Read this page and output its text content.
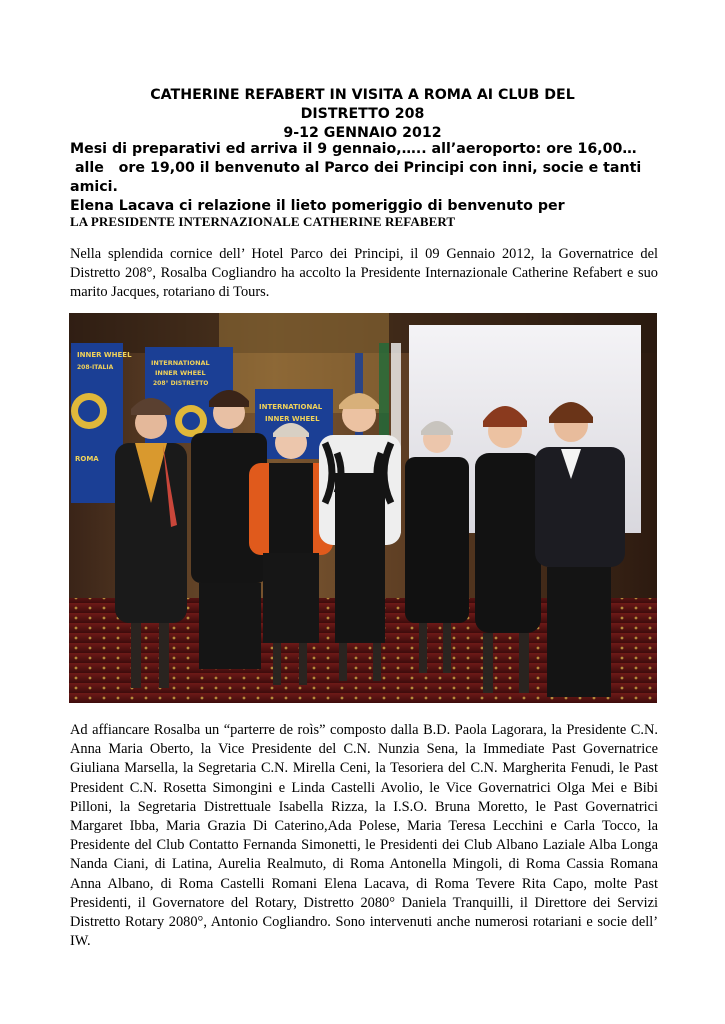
CATHERINE REFABERT IN VISITA A ROMA AI CLUB DEL
DISTRETTO 208
9-12 GENNAIO 2012
Mesi di preparativi ed arriva il 9 gennaio,….. all’aeroporto: ore 16,00…
alle   ore 19,00 il benvenuto al Parco dei Principi con inni, socie e tanti
amici.
Elena Lacava ci relazione il lieto pomeriggio di benvenuto per
LA PRESIDENTE INTERNAZIONALE CATHERINE REFABERT

Nella splendida cornice dell’ Hotel Parco dei Principi, il 09 Gennaio 2012, la Governatrice del Distretto 208°, Rosalba Cogliandro ha accolto la Presidente Internazionale Catherine Refabert e suo marito Jacques, rotariano di Tours.

INNER WHEEL
208-ITALIA
ROMA
INTERNATIONAL
INNER WHEEL
208° DISTRETTO
INTERNATIONAL
INNER WHEEL

Ad affiancare Rosalba un “parterre de roìs” composto dalla B.D. Paola Lagorara, la Presidente C.N. Anna Maria Oberto, la Vice Presidente del C.N. Nunzia Sena, la Immediate Past Governatrice Giuliana Marsella, la Segretaria C.N. Mirella Ceni, la Tesoriera del C.N. Margherita Fenudi, le Past President C.N. Rosetta Simongini e Linda Castelli Avolio, le Vice Governatrici Olga Mei e Bibi Pilloni, la Segretaria Distrettuale Isabella Rizza, la I.S.O. Bruna Moretto, le Past Governatrici Margaret Ibba, Maria Grazia Di Caterino,Ada Polese, Maria Teresa Lecchini e Carla Tocco, la Presidente del Club Contatto Fernanda Simonetti, le Presidenti dei Club Albano Laziale Alba Longa Nanda Ciani, di Latina, Aurelia Realmuto, di Roma Antonella Mingoli, di Roma Cassia Romana Anna Albano, di Roma Castelli Romani Elena Lacava, di Roma Tevere Rita Capo, molte Past Presidenti, il Governatore del Rotary, Distretto 2080° Daniela Tranquilli, il Direttore dei Servizi Distretto Rotary 2080°, Antonio Cogliandro. Sono intervenuti anche numerosi rotariani e socie dell’ IW.
